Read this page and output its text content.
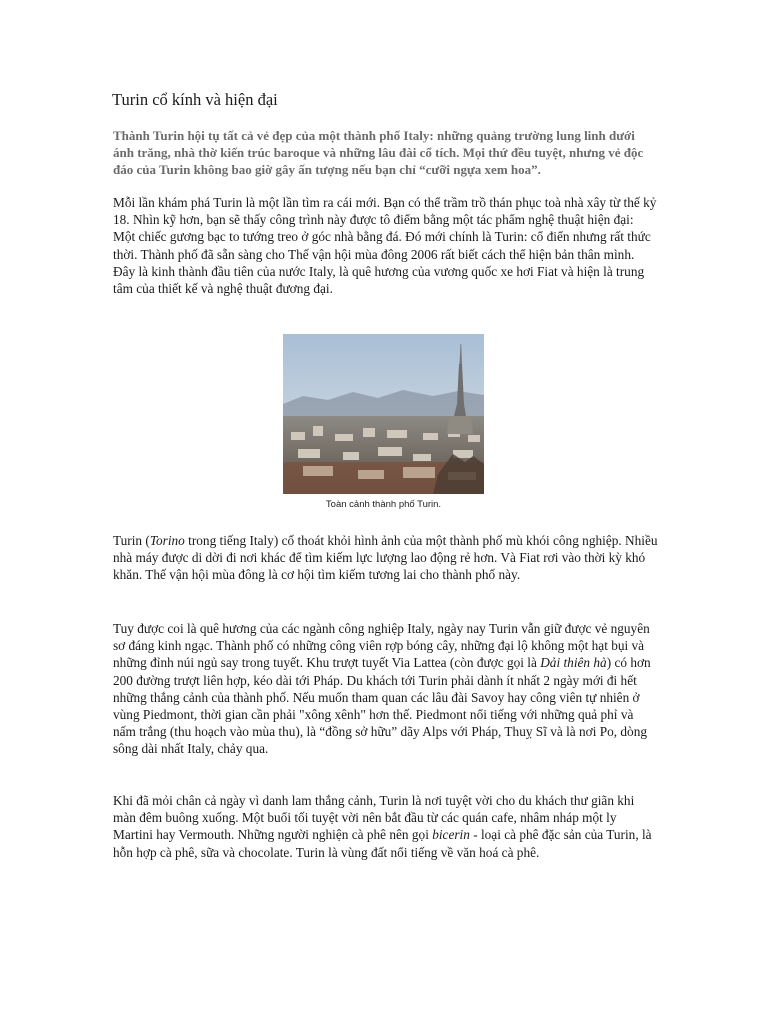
Turin cổ kính và hiện đại

Thành Turin hội tụ tất cả vẻ đẹp của một thành phố Italy: những quảng trường lung linh dưới ánh trăng, nhà thờ kiến trúc baroque và những lâu đài cổ tích. Mọi thứ đều tuyệt, nhưng vẻ độc đáo của Turin không bao giờ gây ấn tượng nếu bạn chỉ “cưỡi ngựa xem hoa”.

Mỗi lần khám phá Turin là một lần tìm ra cái mới. Bạn có thể trầm trồ thán phục toà nhà xây từ thế kỷ 18. Nhìn kỹ hơn, bạn sẽ thấy công trình này được tô điểm bằng một tác phẩm nghệ thuật hiện đại: Một chiếc gương bạc to tướng treo ở góc nhà bằng đá. Đó mới chính là Turin: cổ điển nhưng rất thức thời. Thành phố đã sẵn sàng cho Thế vận hội mùa đông 2006 rất biết cách thể hiện bản thân mình. Đây là kinh thành đầu tiên của nước Italy, là quê hương của vương quốc xe hơi Fiat và hiện là trung tâm của thiết kế và nghệ thuật đương đại.

Toàn cảnh thành phố Turin.

Turin (Torino trong tiếng Italy) cố thoát khỏi hình ảnh của một thành phố mù khói công nghiệp. Nhiều nhà máy được di dời đi nơi khác để tìm kiếm lực lượng lao động rẻ hơn. Và Fiat rơi vào thời kỳ khó khăn. Thế vận hội mùa đông là cơ hội tìm kiếm tương lai cho thành phố này.

Tuy được coi là quê hương của các ngành công nghiệp Italy, ngày nay Turin vẫn giữ được vẻ nguyên sơ đáng kinh ngạc. Thành phố có những công viên rợp bóng cây, những đại lộ không một hạt bụi và những đỉnh núi ngủ say trong tuyết. Khu trượt tuyết Via Lattea (còn được gọi là Dải thiên hà) có hơn 200 đường trượt liên hợp, kéo dài tới Pháp. Du khách tới Turin phải dành ít nhất 2 ngày mới đi hết những thắng cảnh của thành phố. Nếu muốn tham quan các lâu đài Savoy hay công viên tự nhiên ở vùng Piedmont, thời gian cần phải "xông xênh" hơn thế. Piedmont nổi tiếng với những quả phỉ và nấm trắng (thu hoạch vào mùa thu), là “đồng sở hữu” dãy Alps với Pháp, Thuỵ Sĩ và là nơi Po, dòng sông dài nhất Italy, chảy qua.

Khi đã mỏi chân cả ngày vì danh lam thắng cảnh, Turin là nơi tuyệt vời cho du khách thư giãn khi màn đêm buông xuống. Một buổi tối tuyệt vời nên bắt đầu từ các quán cafe, nhâm nháp một ly Martini hay Vermouth. Những người nghiện cà phê nên gọi bicerin - loại cà phê đặc sản của Turin, là hỗn hợp cà phê, sữa và chocolate. Turin là vùng đất nổi tiếng về văn hoá cà phê.
